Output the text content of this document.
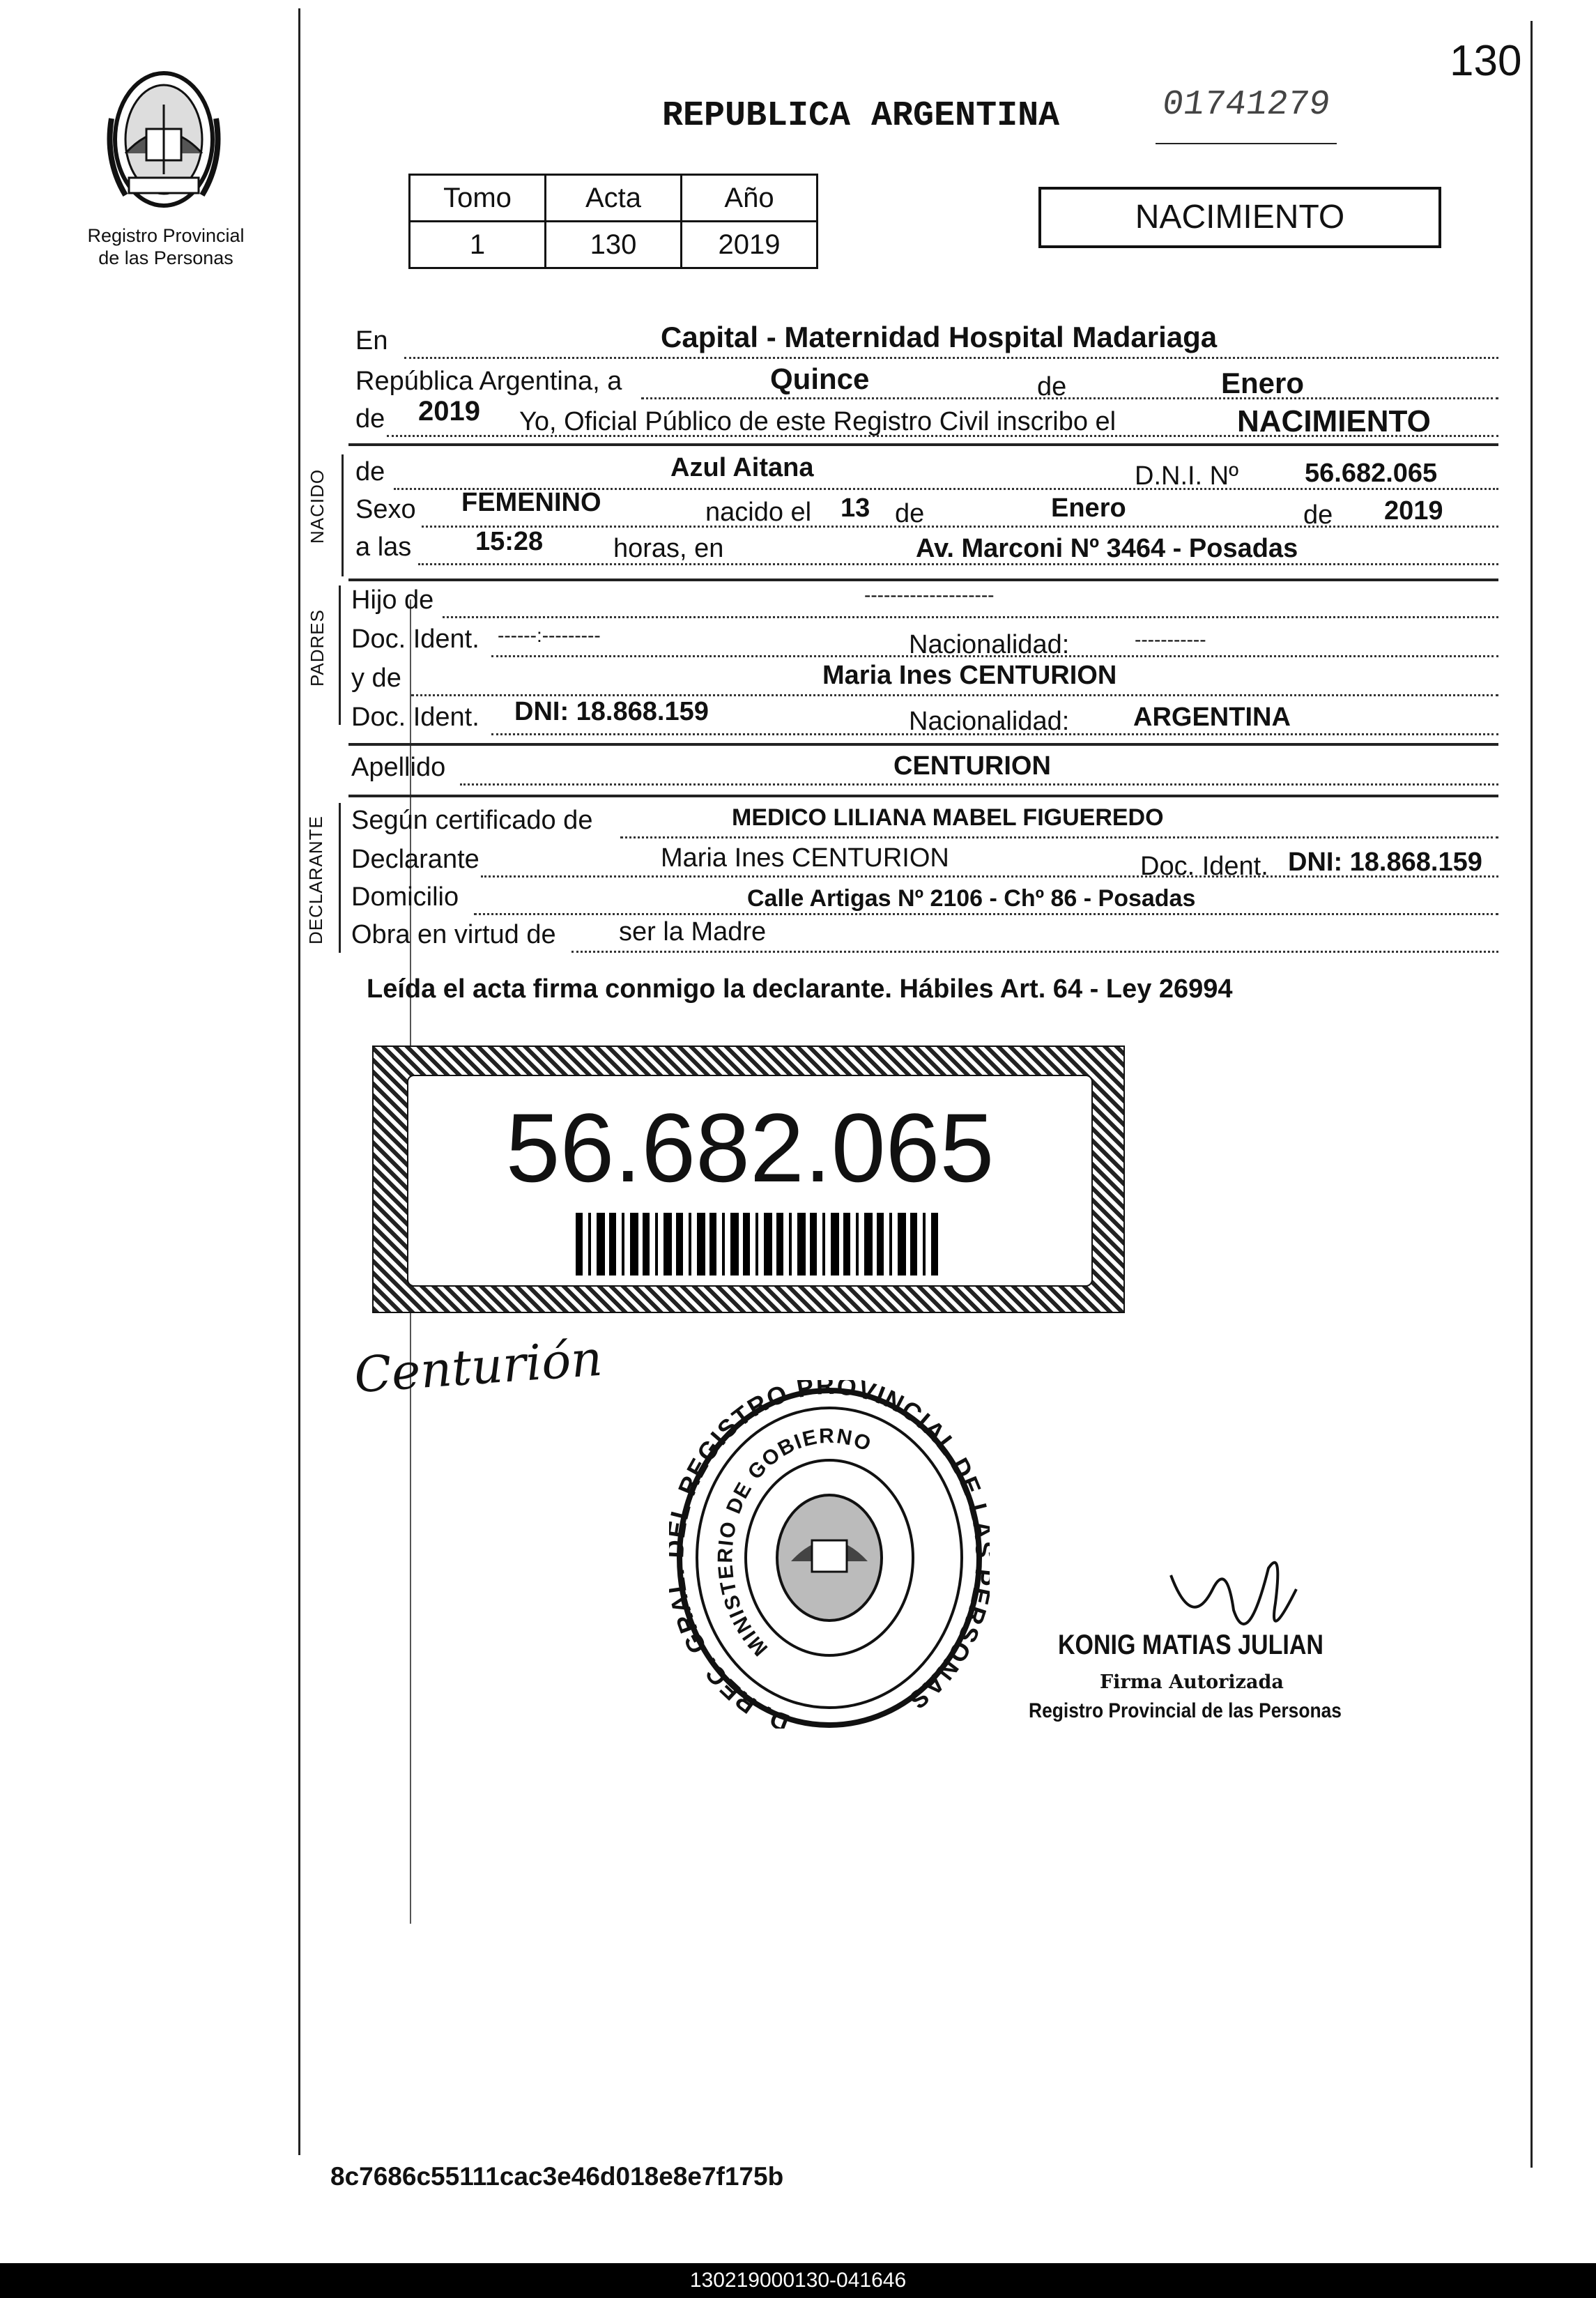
Registro Provincial
de las Personas
130
REPUBLICA ARGENTINA	01741279
Tomo	Acta	Año
1	130	2019
NACIMIENTO
En	Capital - Maternidad Hospital Madariaga
República Argentina, a	Quince	de	Enero
de 2019 Yo, Oficial Público de este Registro Civil inscribo el	NACIMIENTO
NACIDO de	Azul Aitana	D.N.I. Nº	56.682.065
Sexo FEMENINO	nacido el 13 de	Enero	de 2019
a las 15:28	horas, en	Av. Marconi Nº 3464 - Posadas
PADRES
Hijo de	--------------------
Doc. Ident. ------:---------	Nacionalidad:	-----------
y de	Maria Ines CENTURION
Doc. Ident. DNI: 18.868.159	Nacionalidad: ARGENTINA
Apellido	CENTURION
DECLARANTE Según certificado de	MEDICO LILIANA MABEL FIGUEREDO
Declarante	Maria Ines CENTURION	Doc. Ident. DNI: 18.868.159
Domicilio	Calle Artigas Nº 2106 - Chº 86 - Posadas
Obra en virtud de ser la Madre
Leída el acta firma conmigo la declarante. Hábiles Art. 64 - Ley 26994
56.682.065
Centurión
D. REC. GR REGISTRO PROVINCIAL DE RSONAS
MINISTERIO DE GOBIERNO
KONIG MATIAS JULIAN
Firma Autorizada
Registro Provincial de las Personas
8c7686c55111cac3e46d018e8e7f175b
130219000130-041646
